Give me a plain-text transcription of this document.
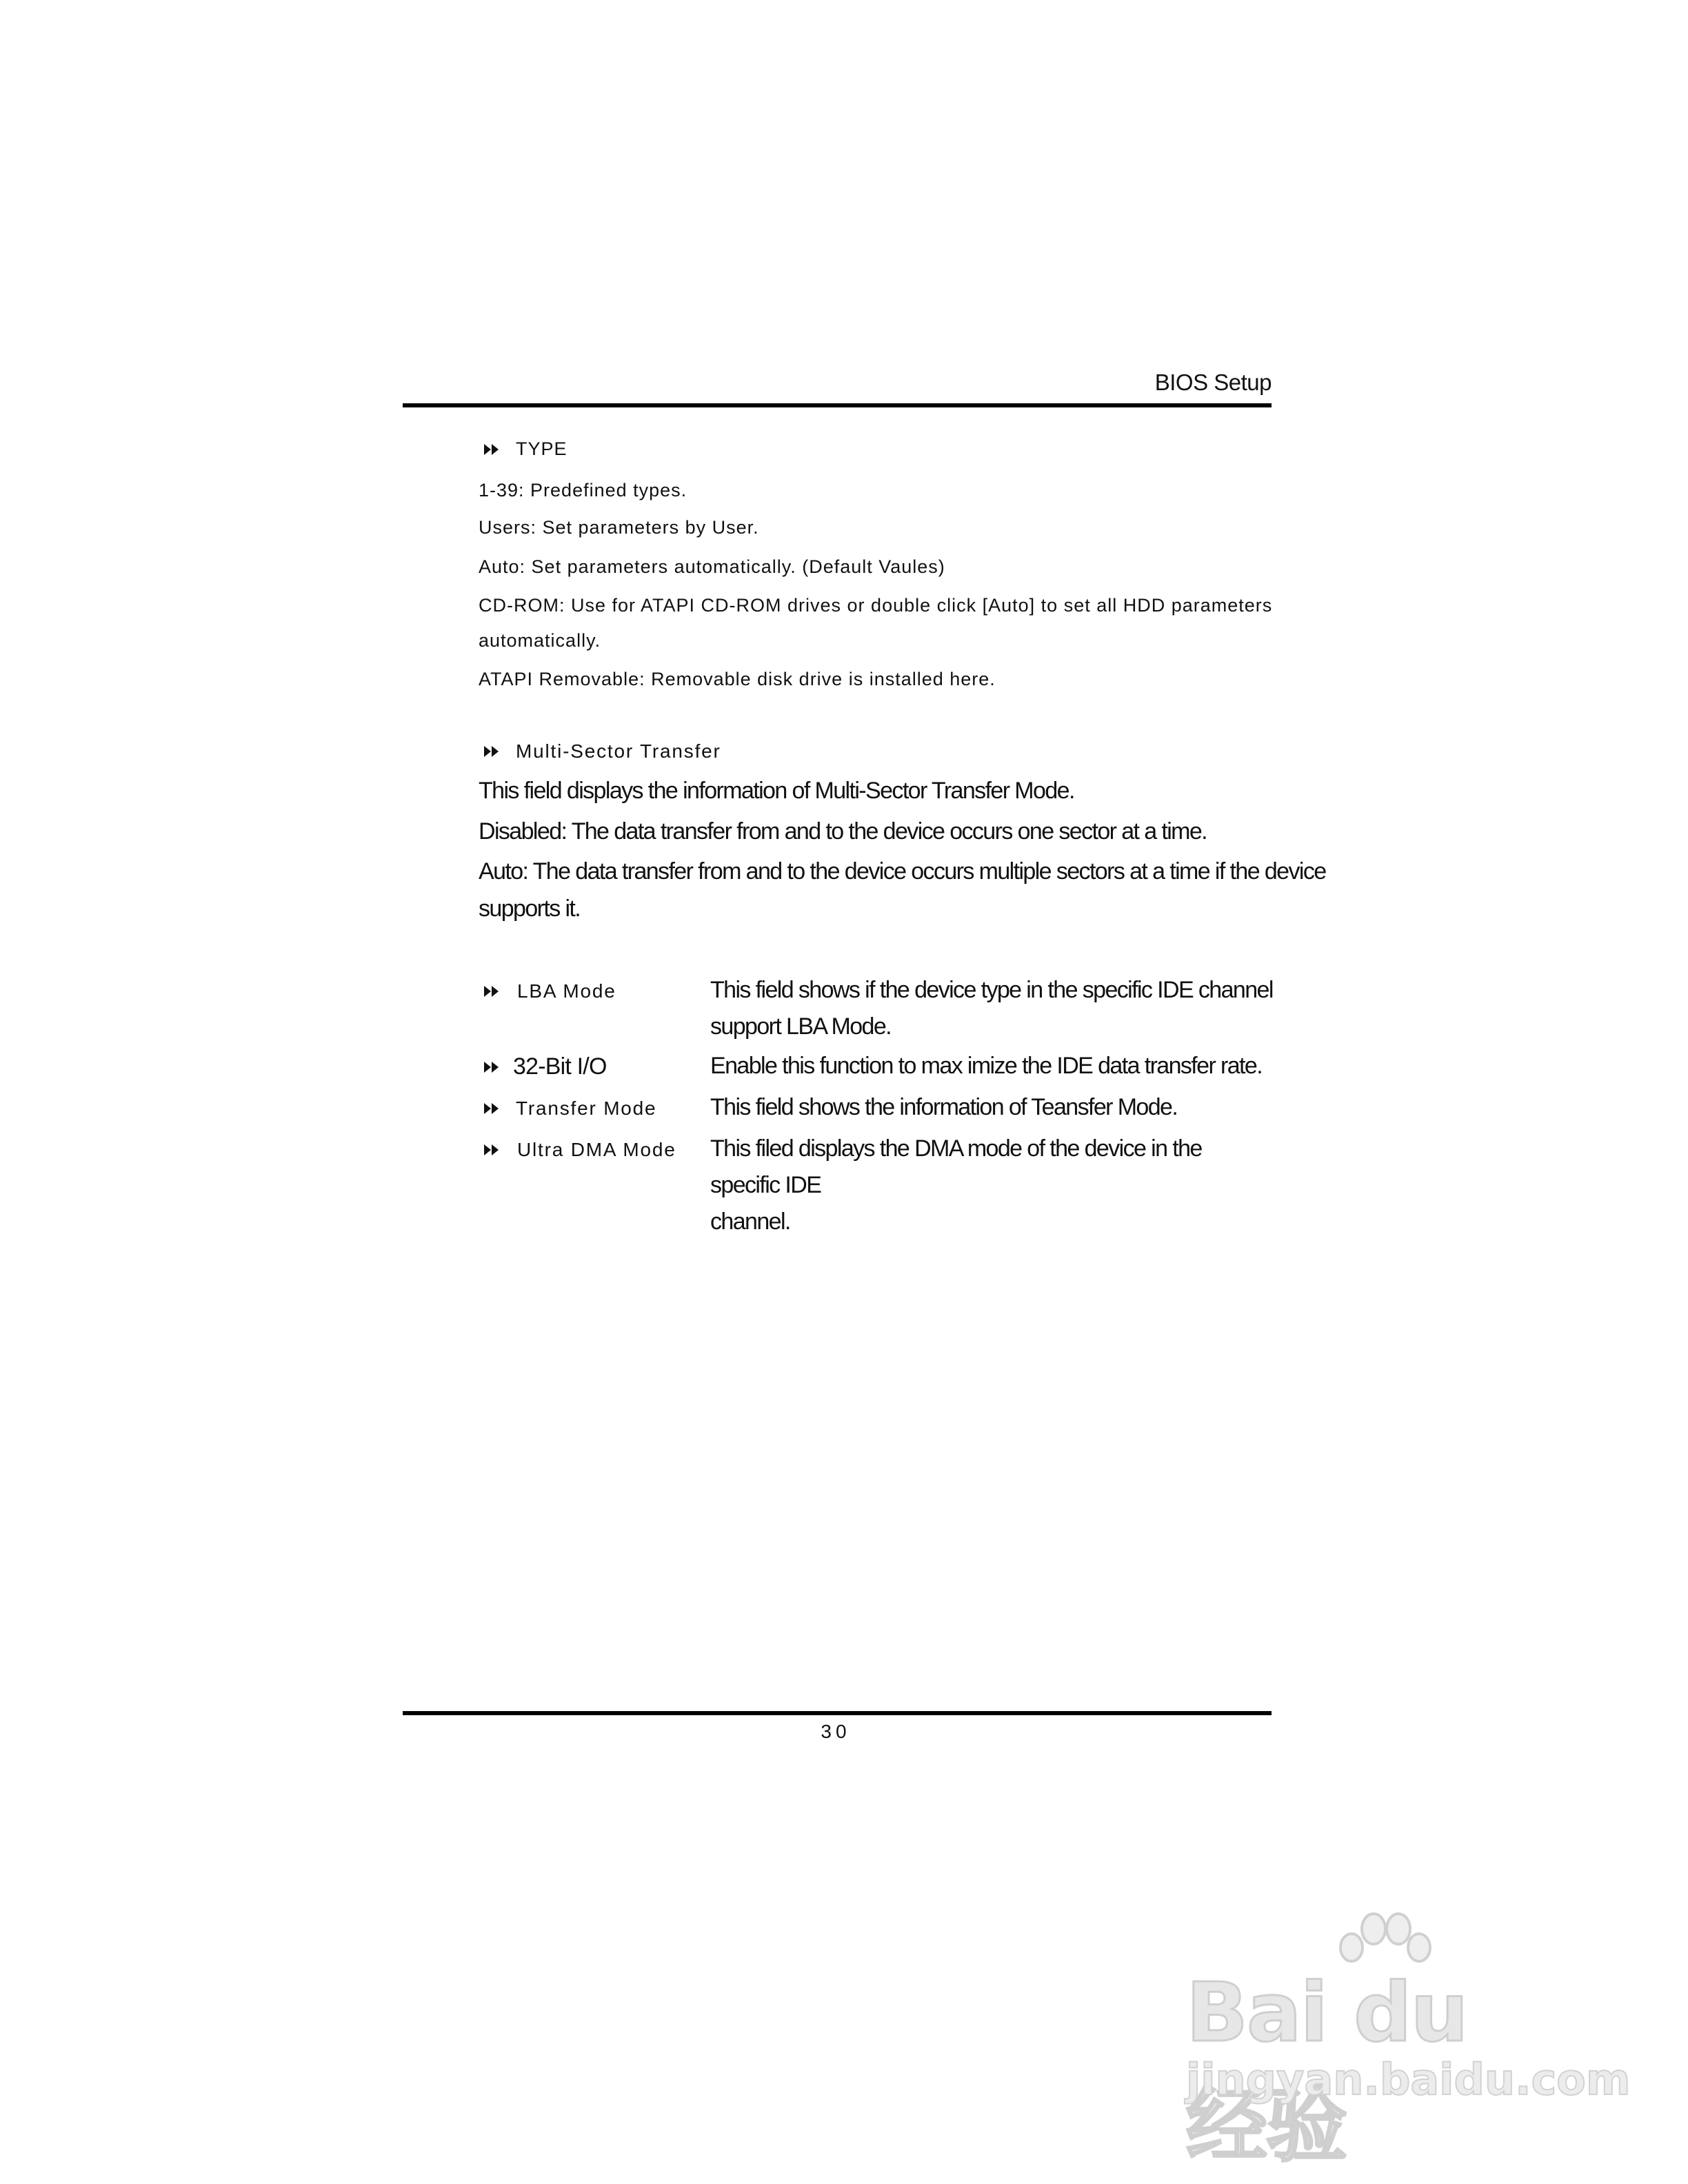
BIOS Setup
TYPE
1-39: Predefined types.
Users: Set parameters by User.
Auto: Set parameters automatically. (Default Vaules)
CD-ROM: Use for ATAPI CD-ROM drives or double click [Auto] to set all HDD parameters
automatically.
ATAPI Removable: Removable disk drive is installed here.
Multi-Sector Transfer
This field displays the information of Multi-Sector Transfer Mode.
Disabled: The data transfer from and to the device occurs one sector at a time.
Auto: The data transfer from and to the device occurs multiple sectors at a time if the device
supports it.
LBA Mode	This field shows if the device type in the specific IDE channel
support LBA Mode.
32-Bit I/O	Enable this function to max imize the IDE data transfer rate.
Transfer Mode This field shows the information of Teansfer Mode.
Ultra DMA Mode This filed displays the DMA mode of the device in the specific IDE
channel.
30
Bai du 经验
jingyan.baidu.com
